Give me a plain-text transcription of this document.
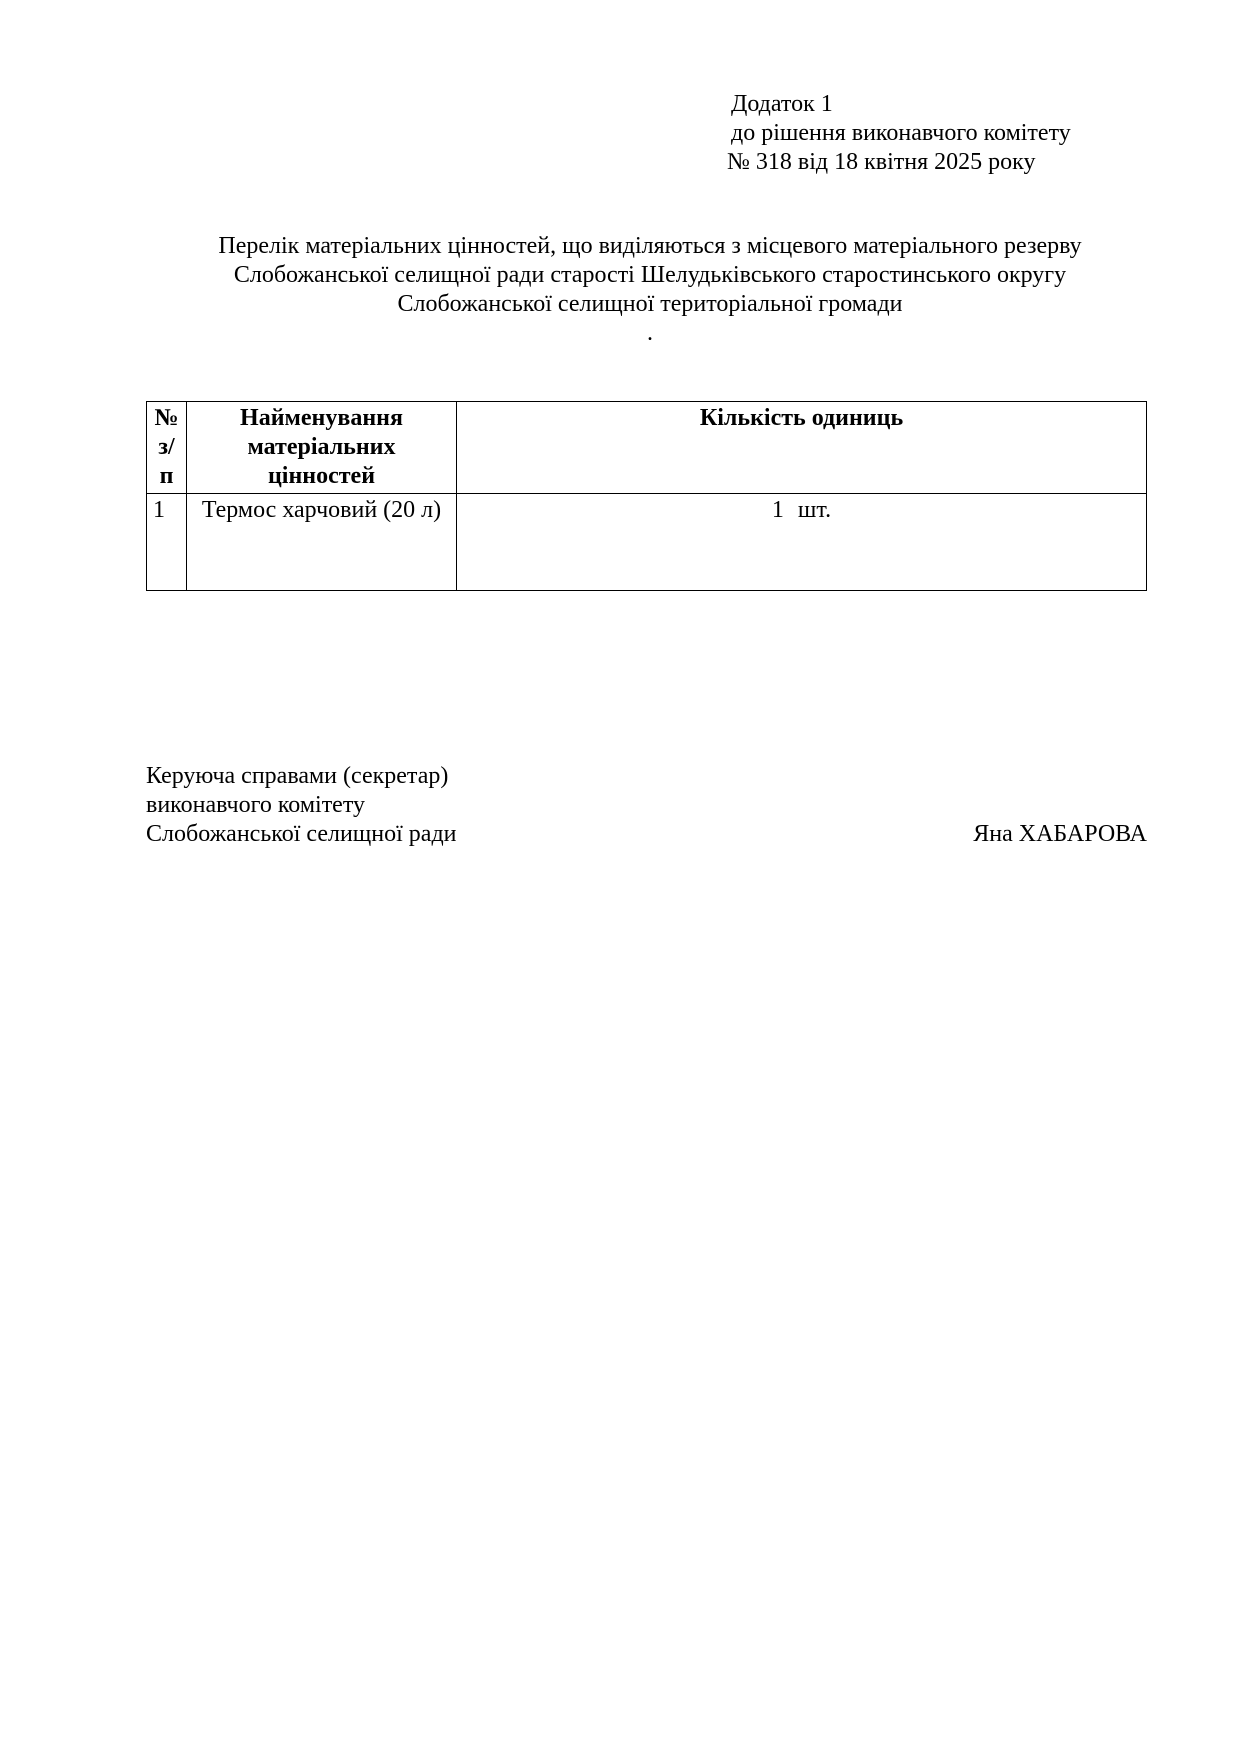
Додаток 1
до рішення виконавчого комітету
№ 318 від 18 квітня 2025 року
Перелік матеріальних цінностей, що виділяються з місцевого матеріального резерву
Слобожанської селищної ради старості Шелудьківського старостинського округу
Слобожанської селищної територіальної громади
.
№ з/п	Найменування матеріальних цінностей	Кількість одиниць
1	Термос харчовий (20 л)	1 шт.
Керуюча справами (секретар)
виконавчого комітету
Слобожанської селищної ради	Яна ХАБАРОВА
